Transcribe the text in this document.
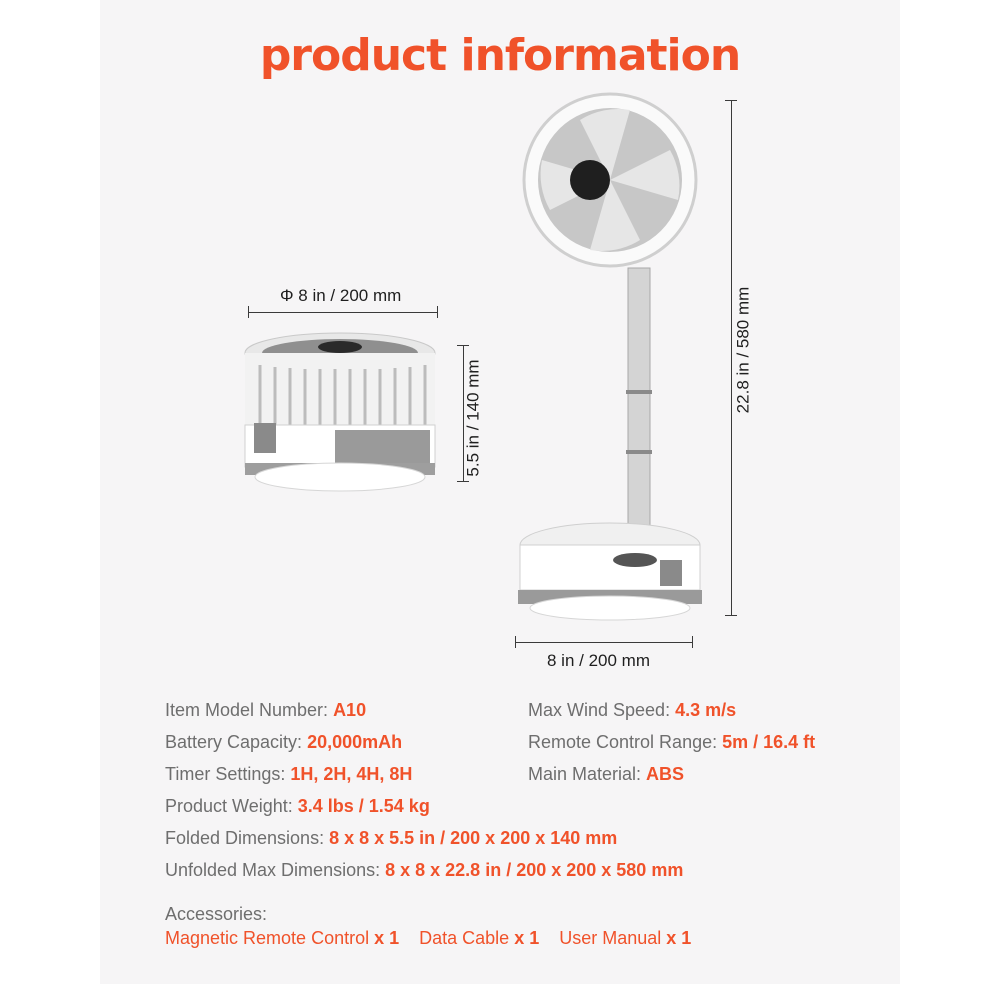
product information
Φ 8 in / 200 mm
5.5 in / 140 mm
22.8 in / 580 mm
8 in / 200 mm
Item Model Number: A10
Battery Capacity: 20,000mAh
Timer Settings: 1H, 2H, 4H, 8H
Product Weight: 3.4 lbs / 1.54 kg
Folded Dimensions: 8 x 8 x 5.5 in / 200 x 200 x 140 mm
Unfolded Max Dimensions: 8 x 8 x 22.8 in / 200 x 200 x 580 mm
Max Wind Speed: 4.3 m/s
Remote Control Range: 5m / 16.4 ft
Main Material: ABS
Accessories:
Magnetic Remote Control x 1 Data Cable x 1 User Manual x 1
